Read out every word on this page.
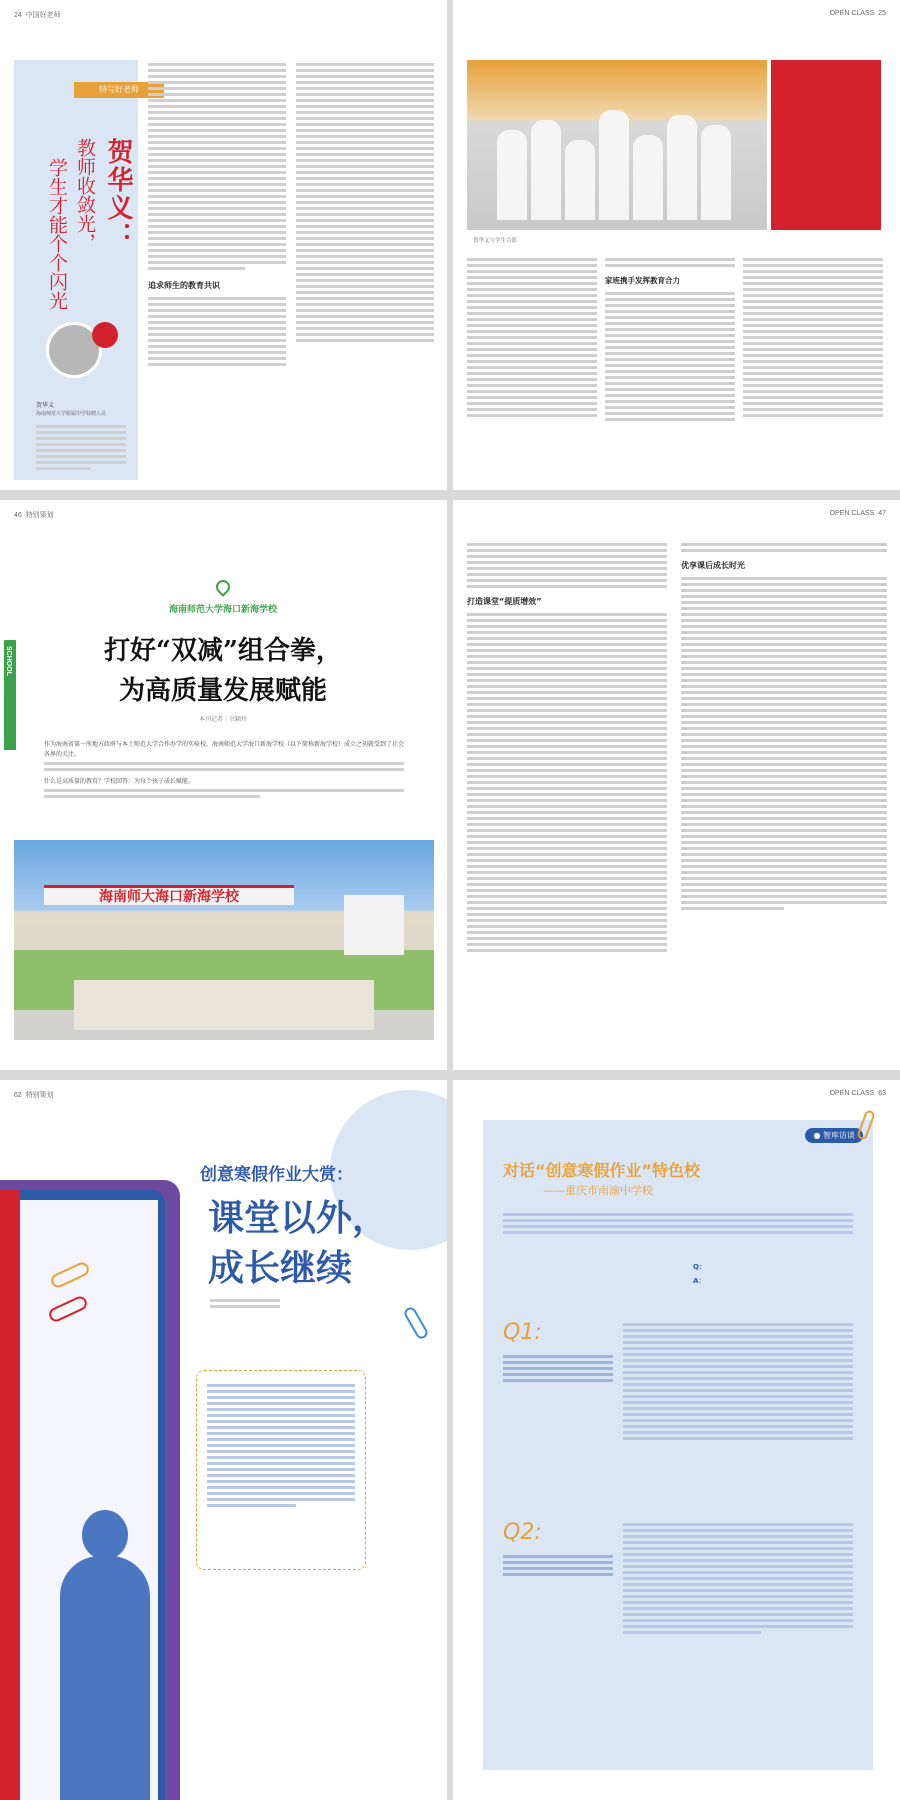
24 中国好老师
特写好老师
贺华义：
教师收敛光，
学生才能个个闪光
贺华义
海南师范大学附属中学特聘人员
追求师生的教育共识
OPEN CLASS 25
贺华义与学生合影
家班携手发挥教育合力
46 特别策划
SCHOOL
海南师范大学海口新海学校
打好“双减”组合拳，
为高质量发展赋能
本刊记者｜余颖玲
作为海南省第一所地方政府与本土师范大学合作办学的实验校，海南师范大学海口新海学校（以下简称新海学校）成立之初就受到了社会各界的关注。
什么是高质量的教育？学校回答：为每个孩子成长赋能。
海南师大海口新海学校
OPEN CLASS 47
打造课堂“提质增效”
优享课后成长时光
62 特别策划
创意寒假作业大赏：
课堂以外，
成长继续
OPEN CLASS 63
● 智库访谈
对话“创意寒假作业”特色校
——重庆市南渝中学校
Q：
A：
Q1:
Q2:
